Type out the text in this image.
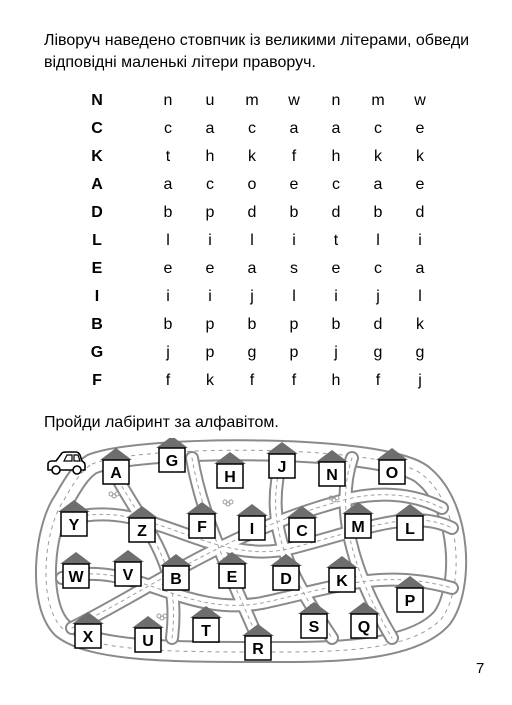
Ліворуч наведено стовпчик із великими літерами, обведи відповідні маленькі літери праворуч.

N	n	u	m	w	n	m	w
C	c	a	c	a	a	c	e
K	t	h	k	f	h	k	k
A	a	c	o	e	c	a	e
D	b	p	d	b	d	b	d
L	l	i	l	i	t	l	i
E	e	e	a	s	e	c	a
I	i	i	j	l	i	j	l
B	b	p	b	p	b	d	k
G	j	p	g	p	j	g	g
F	f	k	f	f	h	f	j

Пройди лабіринт за алфавітом.

A
G
H
J N	O
Y	Z	F	I	C	M	L
W V B	E	D	K
P
X	U
T
R
S Q
7
